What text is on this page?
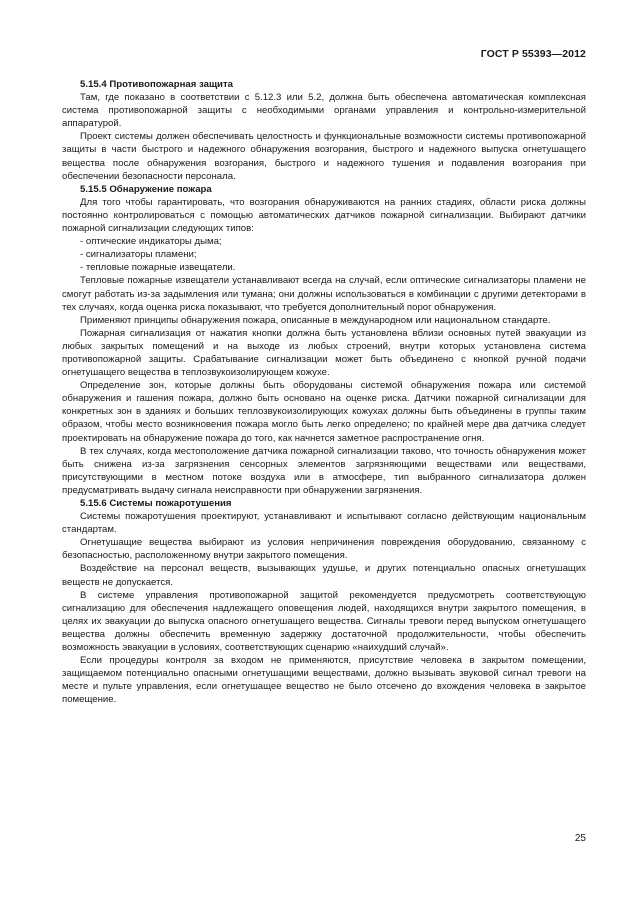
ГОСТ Р 55393—2012

5.15.4 Противопожарная защита

Там, где показано в соответствии с 5.12.3 или 5.2, должна быть обеспечена автоматическая комплексная система противопожарной защиты с необходимыми органами управления и контрольно-измерительной аппаратурой.

Проект системы должен обеспечивать целостность и функциональные возможности системы противопожарной защиты в части быстрого и надежного обнаружения возгорания, быстрого и надежного выпуска огнетушащего вещества после обнаружения возгорания, быстрого и надежного тушения и подавления возгорания при обеспечении безопасности персонала.

5.15.5 Обнаружение пожара

Для того чтобы гарантировать, что возгорания обнаруживаются на ранних стадиях, области риска должны постоянно контролироваться с помощью автоматических датчиков пожарной сигнализации. Выбирают датчики пожарной сигнализации следующих типов:

- оптические индикаторы дыма;

- сигнализаторы пламени;

- тепловые пожарные извещатели.

Тепловые пожарные извещатели устанавливают всегда на случай, если оптические сигнализаторы пламени не смогут работать из-за задымления или тумана; они должны использоваться в комбинации с другими детекторами в тех случаях, когда оценка риска показывают, что требуется дополнительный порог обнаружения.

Применяют принципы обнаружения пожара, описанные в международном или национальном стандарте.

Пожарная сигнализация от нажатия кнопки должна быть установлена вблизи основных путей эвакуации из любых закрытых помещений и на выходе из любых строений, внутри которых установлена система противопожарной защиты. Срабатывание сигнализации может быть объединено с кнопкой ручной подачи огнетушащего вещества в теплозвукоизолирующем кожухе.

Определение зон, которые должны быть оборудованы системой обнаружения пожара или системой обнаружения и гашения пожара, должно быть основано на оценке риска. Датчики пожарной сигнализации для конкретных зон в зданиях и больших теплозвукоизолирующих кожухах должны быть объединены в группы таким образом, чтобы место возникновения пожара могло быть легко определено; по крайней мере два датчика следует проектировать на обнаружение пожара до того, как начнется заметное распространение огня.

В тех случаях, когда местоположение датчика пожарной сигнализации таково, что точность обнаружения может быть снижена из-за загрязнения сенсорных элементов загрязняющими веществами или веществами, присутствующими в местном потоке воздуха или в атмосфере, тип выбранного сигнализатора должен предусматривать выдачу сигнала неисправности при обнаружении загрязнения.

5.15.6 Системы пожаротушения

Системы пожаротушения проектируют, устанавливают и испытывают согласно действующим национальным стандартам.

Огнетушащие вещества выбирают из условия непричинения повреждения оборудованию, связанному с безопасностью, расположенному внутри закрытого помещения.

Воздействие на персонал веществ, вызывающих удушье, и других потенциально опасных огнетушащих веществ не допускается.

В системе управления противопожарной защитой рекомендуется предусмотреть соответствующую сигнализацию для обеспечения надлежащего оповещения людей, находящихся внутри закрытого помещения, в целях их эвакуации до выпуска опасного огнетушащего вещества. Сигналы тревоги перед выпуском огнетушащего вещества должны обеспечить временную задержку достаточной продолжительности, чтобы обеспечить возможность эвакуации в условиях, соответствующих сценарию «наихудший случай».

Если процедуры контроля за входом не применяются, присутствие человека в закрытом помещении, защищаемом потенциально опасными огнетушащими веществами, должно вызывать звуковой сигнал тревоги на месте и пульте управления, если огнетушащее вещество не было отсечено до вхождения человека в закрытое помещение.

25
